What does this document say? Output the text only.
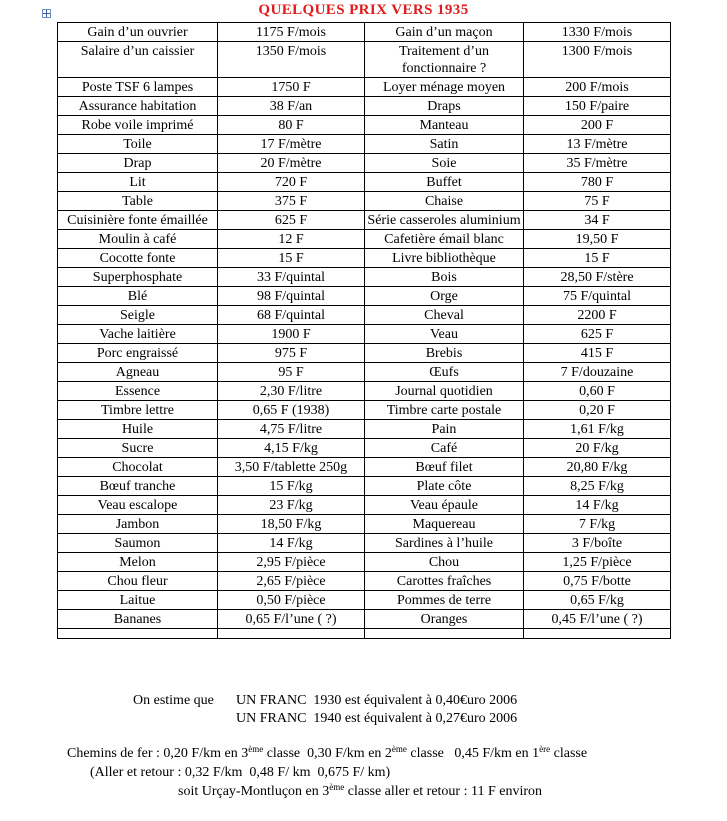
QUELQUES PRIX VERS 1935
Gain d’un ouvrier	1175 F/mois	Gain d’un maçon	1330 F/mois
Salaire d’un caissier	1350 F/mois	Traitement d’un fonctionnaire ?	1300 F/mois
Poste TSF 6 lampes	1750 F	Loyer ménage moyen	200 F/mois
Assurance habitation	38 F/an	Draps	150 F/paire
Robe voile imprimé	80 F	Manteau	200 F
Toile	17 F/mètre	Satin	13 F/mètre
Drap	20 F/mètre	Soie	35 F/mètre
Lit	720 F	Buffet	780 F
Table	375 F	Chaise	75 F
Cuisinière fonte émaillée	625 F	Série casseroles aluminium	34 F
Moulin à café	12 F	Cafetière émail blanc	19,50 F
Cocotte fonte	15 F	Livre bibliothèque	15 F
Superphosphate	33 F/quintal	Bois	28,50 F/stère
Blé	98 F/quintal	Orge	75 F/quintal
Seigle	68 F/quintal	Cheval	2200 F
Vache laitière	1900 F	Veau	625 F
Porc engraissé	975 F	Brebis	415 F
Agneau	95 F	Œufs	7 F/douzaine
Essence	2,30 F/litre	Journal quotidien	0,60 F
Timbre lettre	0,65 F (1938)	Timbre carte postale	0,20 F
Huile	4,75 F/litre	Pain	1,61 F/kg
Sucre	4,15 F/kg	Café	20 F/kg
Chocolat	3,50 F/tablette 250g	Bœuf filet	20,80 F/kg
Bœuf tranche	15 F/kg	Plate côte	8,25 F/kg
Veau escalope	23 F/kg	Veau épaule	14 F/kg
Jambon	18,50 F/kg	Maquereau	7 F/kg
Saumon	14 F/kg	Sardines à l’huile	3 F/boîte
Melon	2,95 F/pièce	Chou	1,25 F/pièce
Chou fleur	2,65 F/pièce	Carottes fraîches	0,75 F/botte
Laitue	0,50 F/pièce	Pommes de terre	0,65 F/kg
Bananes	0,65 F/l’une ( ?)	Oranges	0,45 F/l’une ( ?)

On estime que UN FRANC  1930 est équivalent à 0,40€uro 2006
UN FRANC  1940 est équivalent à 0,27€uro 2006
Chemins de fer : 0,20 F/km en 3ème classe  0,30 F/km en 2ème classe   0,45 F/km en 1ère classe
(Aller et retour : 0,32 F/km  0,48 F/ km  0,675 F/ km)
soit Urçay-Montluçon en 3ème classe aller et retour : 11 F environ
